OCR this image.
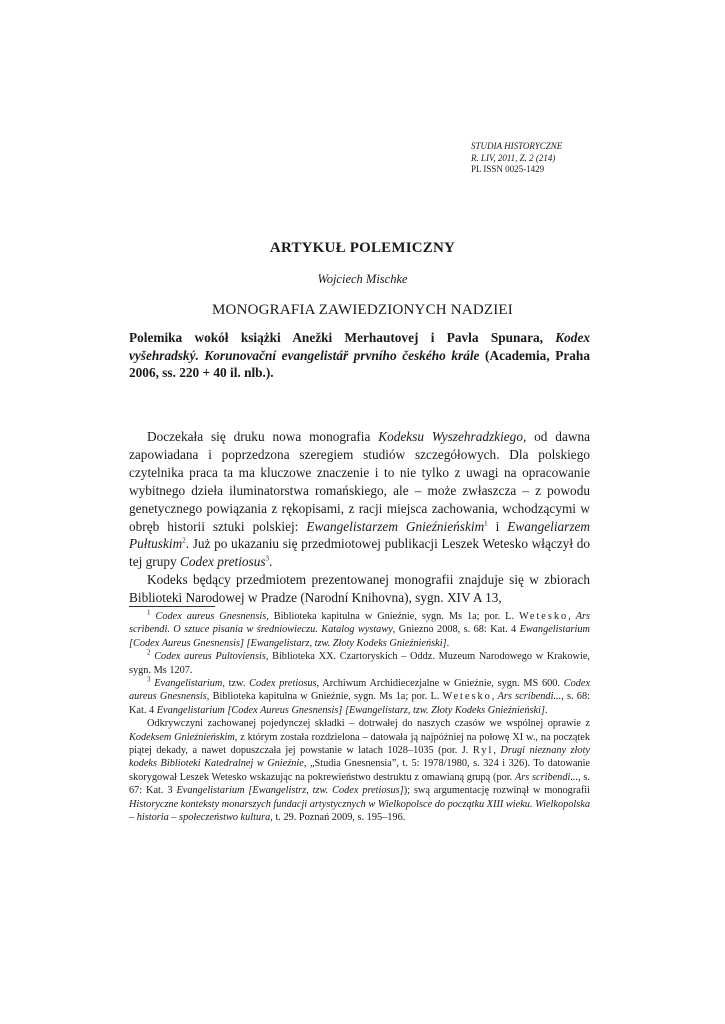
STUDIA HISTORYCZNE
R. LIV, 2011, Z. 2 (214)
PL ISSN 0025-1429
ARTYKUŁ POLEMICZNY
Wojciech Mischke
MONOGRAFIA ZAWIEDZIONYCH NADZIEI
Polemika wokół książki Anežki Merhautovej i Pavla Spunara, Kodex vyšehradský. Korunovační evangelistář prvního českého krále (Academia, Praha 2006, ss. 220 + 40 il. nlb.).

Doczekała się druku nowa monografia Kodeksu Wyszehradzkiego, od dawna zapowiadana i poprzedzona szeregiem studiów szczegółowych. Dla polskiego czytelnika praca ta ma kluczowe znaczenie i to nie tylko z uwagi na opracowanie wybitnego dzieła iluminatorstwa romańskiego, ale – może zwłaszcza – z powodu genetycznego powiązania z rękopisami, z racji miejsca zachowania, wchodzącymi w obręb historii sztuki polskiej: Ewangelistarzem Gnieźnieńskim$^1$ i Ewangeliarzem Pułtuskim$^2$. Już po ukazaniu się przedmiotowej publikacji Leszek Wetesko włączył do tej grupy Codex pretiosus$^3$.

Kodeks będący przedmiotem prezentowanej monografii znajduje się w zbiorach Biblioteki Narodowej w Pradze (Narodní Knihovna), sygn. XIV A 13,

$^1$ Codex aureus Gnesnensis, Biblioteka kapitulna w Gnieźnie, sygn. Ms 1a; por. L. Wetesko, Ars scribendi. O sztuce pisania w średniowieczu. Katalog wystawy, Gniezno 2008, s. 68: Kat. 4 Ewangelistarium [Codex Aureus Gnesnensis] [Ewangelistarz, tzw. Złoty Kodeks Gnieźnieński].

$^2$ Codex aureus Pultoviensis, Biblioteka XX. Czartoryskich – Oddz. Muzeum Narodowego w Krakowie, sygn. Ms 1207.

$^3$ Evangelistarium, tzw. Codex pretiosus, Archiwum Archidiecezjalne w Gnieźnie, sygn. MS 600. Codex aureus Gnesnensis, Biblioteka kapitulna w Gnieźnie, sygn. Ms 1a; por. L. Wetesko, Ars scribendi..., s. 68: Kat. 4 Evangelistarium [Codex Aureus Gnesnensis] [Ewangelistarz, tzw. Złoty Kodeks Gnieźnieński].

Odkrywczyni zachowanej pojedynczej składki – dotrwałej do naszych czasów we wspólnej oprawie z Kodeksem Gnieźnieńskim, z którym została rozdzielona – datowała ją najpóźniej na połowę XI w., na początek piątej dekady, a nawet dopuszczała jej powstanie w latach 1028–1035 (por. J. Ryl, Drugi nieznany złoty kodeks Biblioteki Katedralnej w Gnieźnie, „Studia Gnesnensia”, t. 5: 1978/1980, s. 324 i 326). To datowanie skorygował Leszek Wetesko wskazując na pokrewieństwo destruktu z omawianą grupą (por. Ars scribendi..., s. 67: Kat. 3 Evangelistarium [Ewangelistrz, tzw. Codex pretiosus]); swą argumentację rozwinął w monografii Historyczne konteksty monarszych fundacji artystycznych w Wielkopolsce do początku XIII wieku. Wielkopolska – historia – społeczeństwo kultura, t. 29. Poznań 2009, s. 195–196.
